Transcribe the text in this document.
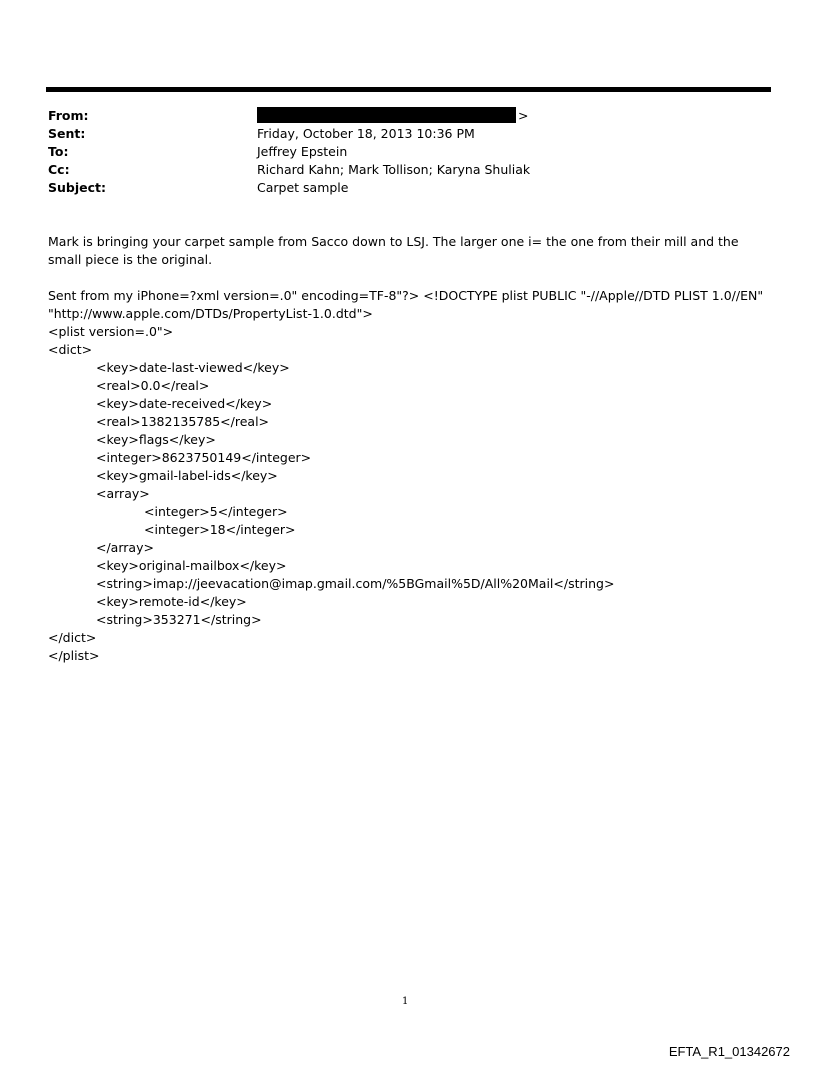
From:	>
Sent:	Friday, October 18, 2013 10:36 PM
To:	Jeffrey Epstein
Cc:	Richard Kahn; Mark Tollison; Karyna Shuliak
Subject:	Carpet sample

Mark is bringing your carpet sample from Sacco down to LSJ. The larger one i= the one from their mill and the small piece is the original.

Sent from my iPhone=?xml version=.0" encoding=TF-8"?> <!DOCTYPE plist PUBLIC "-//Apple//DTD PLIST 1.0//EN" "http://www.apple.com/DTDs/PropertyList-1.0.dtd">

<plist version=.0">
<dict>
<key>date-last-viewed</key>
<real>0.0</real>
<key>date-received</key>
<real>1382135785</real>
<key>flags</key>
<integer>8623750149</integer>
<key>gmail-label-ids</key>
<array>
<integer>5</integer>
<integer>18</integer>
</array>
<key>original-mailbox</key>
<string>imap://jeevacation@imap.gmail.com/%5BGmail%5D/All%20Mail</string>
<key>remote-id</key>
<string>353271</string>
</dict>
</plist>
1
EFTA_R1_01342672
